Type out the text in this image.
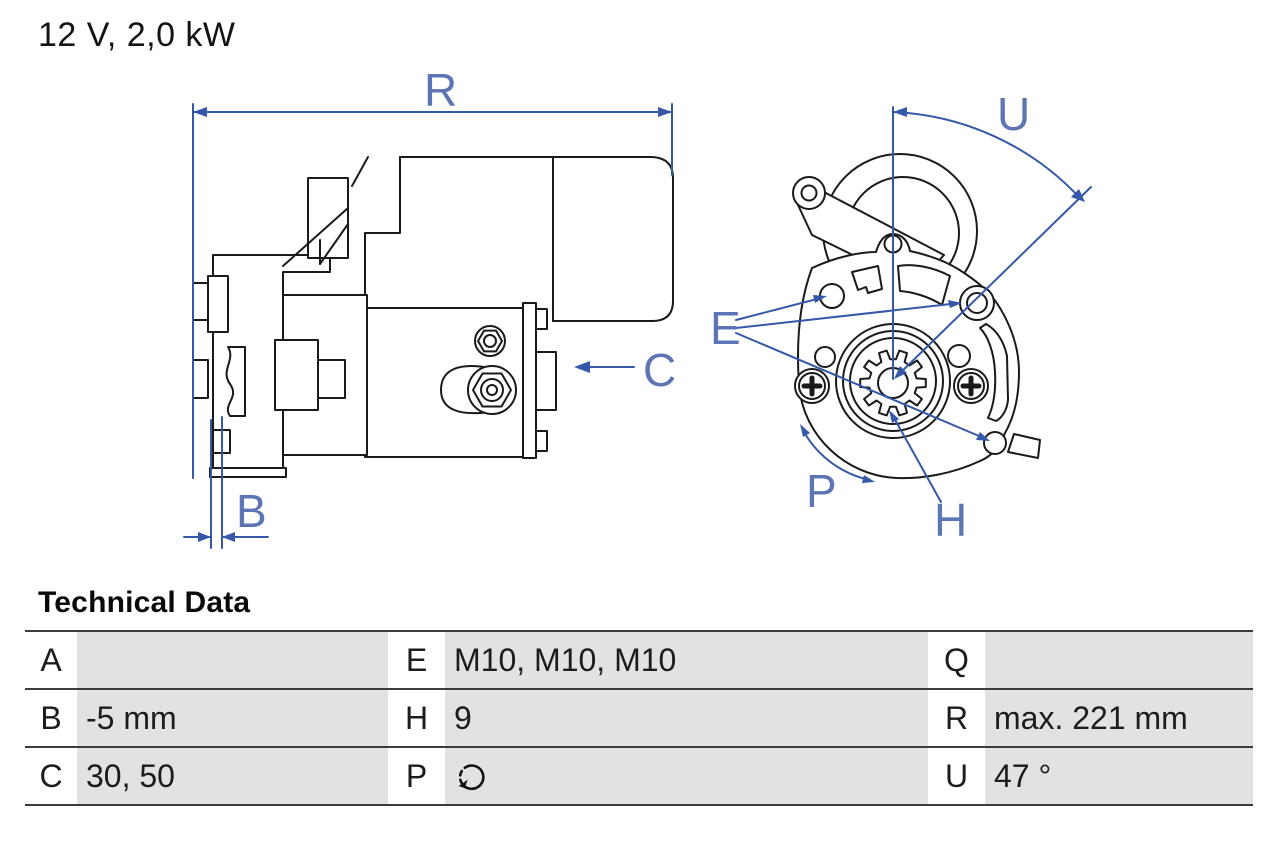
12 V, 2,0 kW
R
B
C
E
P
H
U
Technical Data
A	E M10, M10, M10	Q
B -5 mm	H 9	R max. 221 mm
C 30, 50	P	U 47 °
